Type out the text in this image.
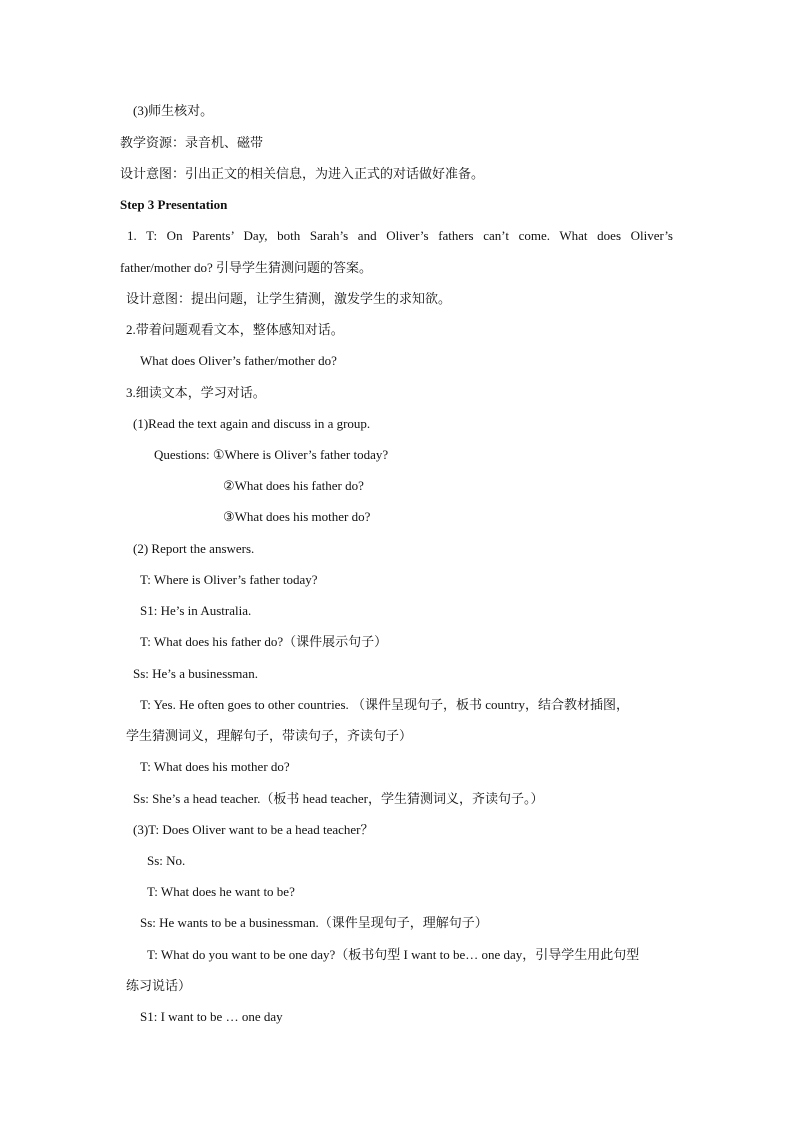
(3)师生核对。
教学资源：录音机、磁带
设计意图：引出正文的相关信息，为进入正式的对话做好准备。
Step 3 Presentation
1. T: On Parents’ Day, both Sarah’s and Oliver’s fathers can’t come. What does Oliver’s
father/mother do? 引导学生猜测问题的答案。
设计意图：提出问题，让学生猜测，激发学生的求知欲。
2.带着问题观看文本，整体感知对话。
What does Oliver’s father/mother do?
3.细读文本，学习对话。
(1)Read the text again and discuss in a group.
Questions: ①Where is Oliver’s father today?
②What does his father do?
③What does his mother do?
(2) Report the answers.
T: Where is Oliver’s father today?
S1: He’s in Australia.
T: What does his father do?（课件展示句子）
Ss: He’s a businessman.
T: Yes. He often goes to other countries. （课件呈现句子，板书 country，结合教材插图，
学生猜测词义，理解句子，带读句子，齐读句子）
T: What does his mother do?
Ss: She’s a head teacher.（板书 head teacher，学生猜测词义，齐读句子。）
(3)T: Does Oliver want to be a head teacher？
Ss: No.
T: What does he want to be?
Ss: He wants to be a businessman.（课件呈现句子，理解句子）
T: What do you want to be one day?（板书句型 I want to be… one day，引导学生用此句型
练习说话）
S1: I want to be … one day
